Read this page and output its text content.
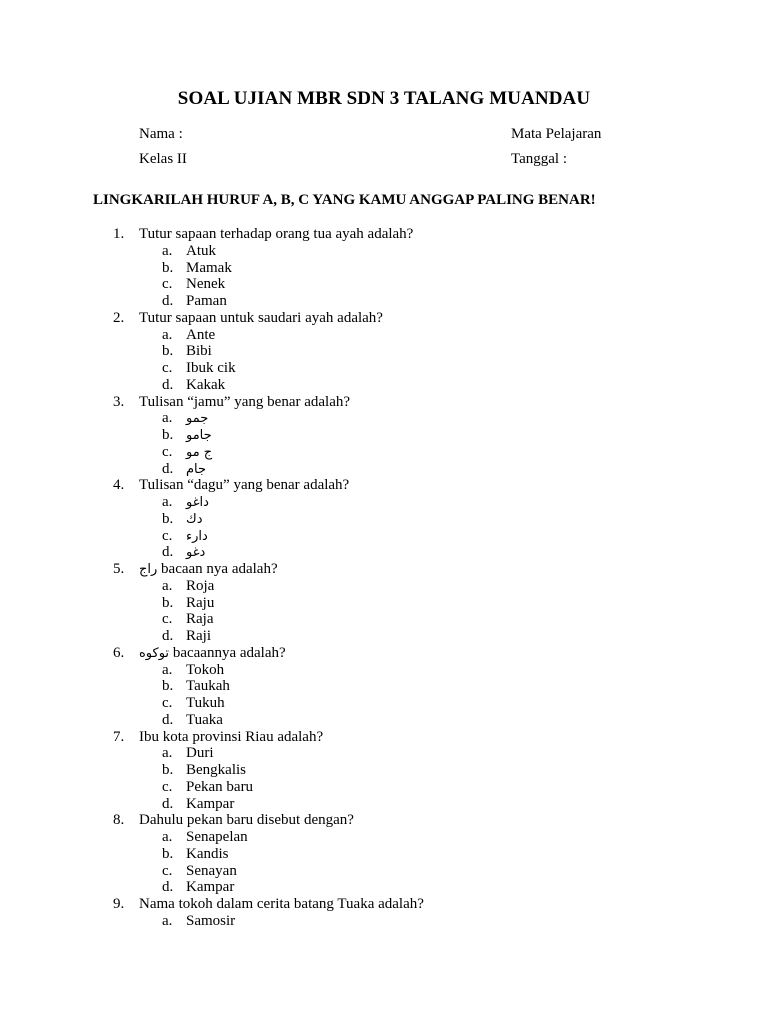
SOAL UJIAN MBR SDN 3 TALANG MUANDAU
Nama :	Mata Pelajaran
Kelas II	Tanggal :
LINGKARILAH HURUF A, B, C YANG KAMU ANGGAP PALING BENAR!
1. Tutur sapaan terhadap orang tua ayah adalah?
a. Atuk
b. Mamak
c. Nenek
d. Paman
2. Tutur sapaan untuk saudari ayah adalah?
a. Ante
b. Bibi
c. Ibuk cik
d. Kakak
3. Tulisan “jamu” yang benar adalah?
a. جمو
b. جامو
c. ج مو
d. جام
4. Tulisan “dagu” yang benar adalah?
a. داغو
b. دك
c. دارء
d. دغو
5. راج bacaan nya adalah?
a. Roja
b. Raju
c. Raja
d. Raji
6. توكوه bacaannya adalah?
a. Tokoh
b. Taukah
c. Tukuh
d. Tuaka
7. Ibu kota provinsi Riau adalah?
a. Duri
b. Bengkalis
c. Pekan baru
d. Kampar
8. Dahulu pekan baru disebut dengan?
a. Senapelan
b. Kandis
c. Senayan
d. Kampar
9. Nama tokoh dalam cerita batang Tuaka adalah?
a. Samosir
